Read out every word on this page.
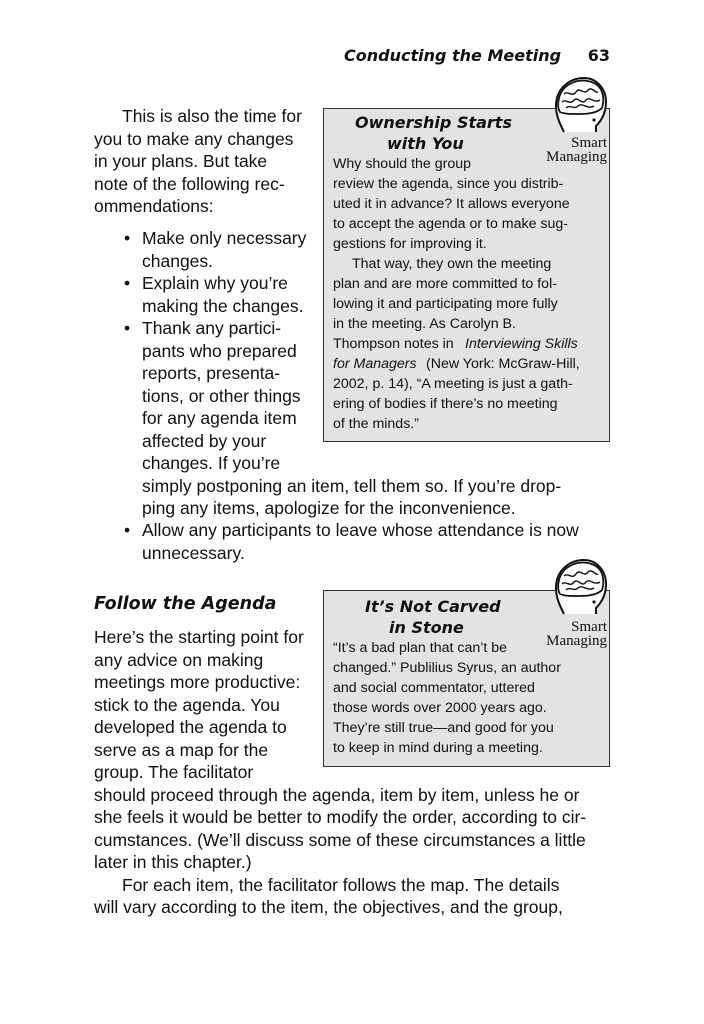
Conducting the Meeting 63
This is also the time for
you to make any changes
in your plans. But take
note of the following rec-
ommendations:
• Make only necessary
changes.
• Explain why you’re
making the changes.
• Thank any partici-
pants who prepared
reports, presenta-
tions, or other things
for any agenda item
affected by your
changes. If you’re
simply postponing an item, tell them so. If you’re drop-
ping any items, apologize for the inconvenience.
• Allow any participants to leave whose attendance is now
unnecessary.
Ownership Starts
with You	Smart
Managing
Why should the group
review the agenda, since you distrib-
uted it in advance? It allows everyone
to accept the agenda or to make sug-
gestions for improving it.
That way, they own the meeting
plan and are more committed to fol-
lowing it and participating more fully
in the meeting. As Carolyn B.
Thompson notes in Interviewing Skills
for Managers (New York: McGraw-Hill,
2002, p. 14), “A meeting is just a gath-
ering of bodies if there’s no meeting
of the minds.”
Follow the Agenda
Here’s the starting point for
any advice on making
meetings more productive:
stick to the agenda. You
developed the agenda to
serve as a map for the
group. The facilitator
should proceed through the agenda, item by item, unless he or
she feels it would be better to modify the order, according to cir-
cumstances. (We’ll discuss some of these circumstances a little
later in this chapter.)
For each item, the facilitator follows the map. The details
will vary according to the item, the objectives, and the group,
It’s Not Carved
in Stone	Smart
Managing
“It’s a bad plan that can’t be
changed.” Publilius Syrus, an author
and social commentator, uttered
those words over 2000 years ago.
They’re still true—and good for you
to keep in mind during a meeting.
